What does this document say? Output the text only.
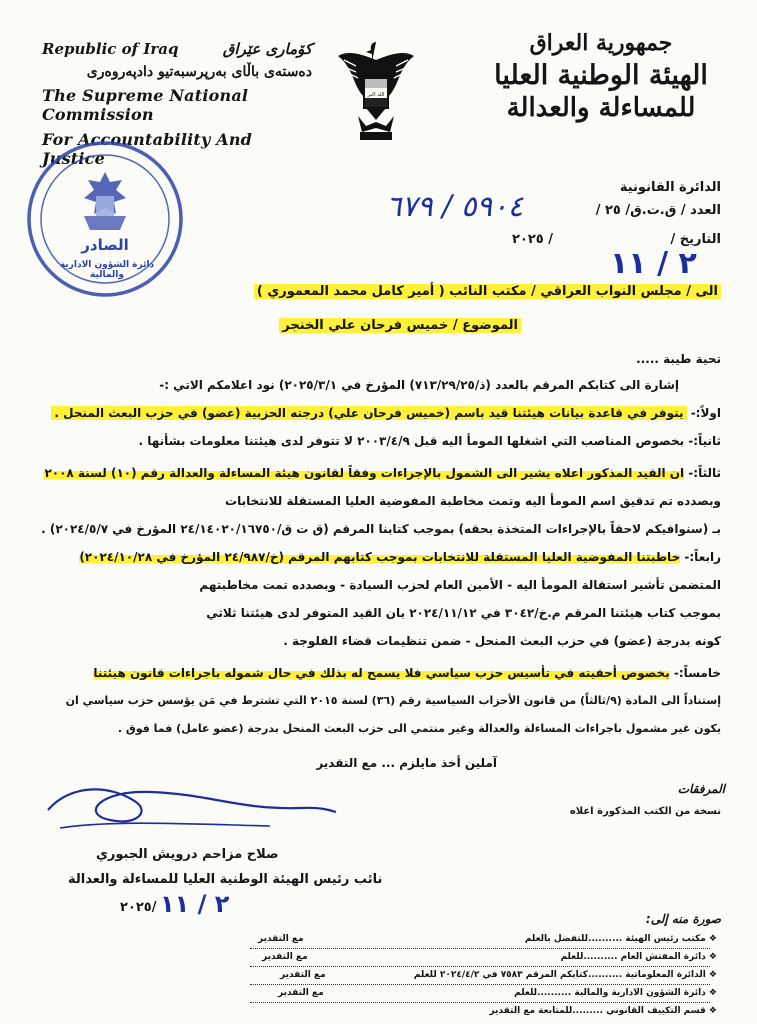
Republic of Iraq	کۆماری عێراق
دەستەی باڵای بەرپرسبەتیو دادپەروەری
The Supreme National Commission
For Accountability And Justice
الله اكبر
جمهورية العراق
الهيئة الوطنية العليا
للمساءلة والعدالة
الصادر
دائرة الشؤون الادارية والمالية
الدائرة القانونية
العدد / ق.ت.ق/ ٢٥ /
٥٩٠٤ / ٦٧٩
التاريخ /
٢٠٢٥ /
٢ / ١١
الى / مجلس النواب العراقي / مكتب النائب ( أمير كامل محمد المعموري )
الموضوع / خميس فرحان علي الخنجر
تحية طيبة .....
إشارة الى كتابكم المرقم بالعدد (ذ/٧١٣/٢٩/٢٥) المؤرخ في ٢٠٢٥/٣/١) نود اعلامكم الاتي :-
اولاً:- يتوفر في قاعدة بيانات هيئتنا قيد باسم (خميس فرحان علي) درجته الحزبية (عضو) في حزب البعث المنحل .
ثانياً:- بخصوص المناصب التي اشغلها المومأ اليه قبل ٢٠٠٣/٤/٩ لا تتوفر لدى هيئتنا معلومات بشأنها .
ثالثاً:- ان القيد المذكور اعلاه يشير الى الشمول بالإجراءات وفقاً لقانون هيئة المساءلة والعدالة رقم (١٠) لسنة ٢٠٠٨
وبصدده تم تدقيق اسم المومأ اليه وتمت مخاطبة المفوضية العليا المستقلة للانتخابات
بـ (سنوافيكم لاحقاً بالإجراءات المتخذة بحقه) بموجب كتابنا المرقم (ق ت ق/٢٤/١٤٠٢٠/١٦٧٥٠ المؤرخ في ٢٠٢٤/٥/٧) .
رابعاً:- خاطبتنا المفوضية العليا المستقلة للانتخابات بموجب كتابهم المرقم (خ/٢٤/٩٨٧ المؤرخ في ٢٠٢٤/١٠/٢٨)
المتضمن تأشير استقالة المومأ اليه - الأمين العام لحزب السيادة - وبصدده تمت مخاطبتهم
بموجب كتاب هيئتنا المرقم م.خ/٣٠٤٢ في ٢٠٢٤/١١/١٢ بان القيد المتوفر لدى هيئتنا ثلاثي
كونه بدرجة (عضو) في حزب البعث المنحل - ضمن تنظيمات قضاء الفلوجة .
خامساً:- بخصوص أحقيته في تأسيس حزب سياسي فلا يسمح له بذلك في حال شموله باجراءات قانون هيئتنا
إستناداً الى المادة (٩/ثالثاً) من قانون الأحزاب السياسية رقم (٣٦) لسنة ٢٠١٥ التي تشترط في مَن يؤسس حزب سياسي ان
يكون غير مشمول باجراءات المساءلة والعدالة وغير منتمي الى حزب البعث المنحل بدرجة (عضو عامل) فما فوق .
آملين أخذ مايلزم ... مع التقدير
المرفقات
نسخة من الكتب المذكورة اعلاه
صلاح مزاحم درويش الجبوري
نائب رئيس الهيئة الوطنية العليا للمساءلة والعدالة
٢٠٢٥/ ٢ / ١١
صورة منه إلى:
❖ مكتب رئيس الهيئة ..........للتفضل بالعلم
مع التقدير
❖ دائرة المفتش العام ..........للعلم
مع التقدير
❖ الدائرة المعلوماتية ..........كتابكم المرقم ٧٥٨٣ في ٢٠٢٤/٤/٢ للعلم
مع التقدير
❖ دائرة الشؤون الادارية والمالية ..........للعلم
مع التقدير
❖ قسم التكييف القانوني .........للمتابعة مع التقدير
